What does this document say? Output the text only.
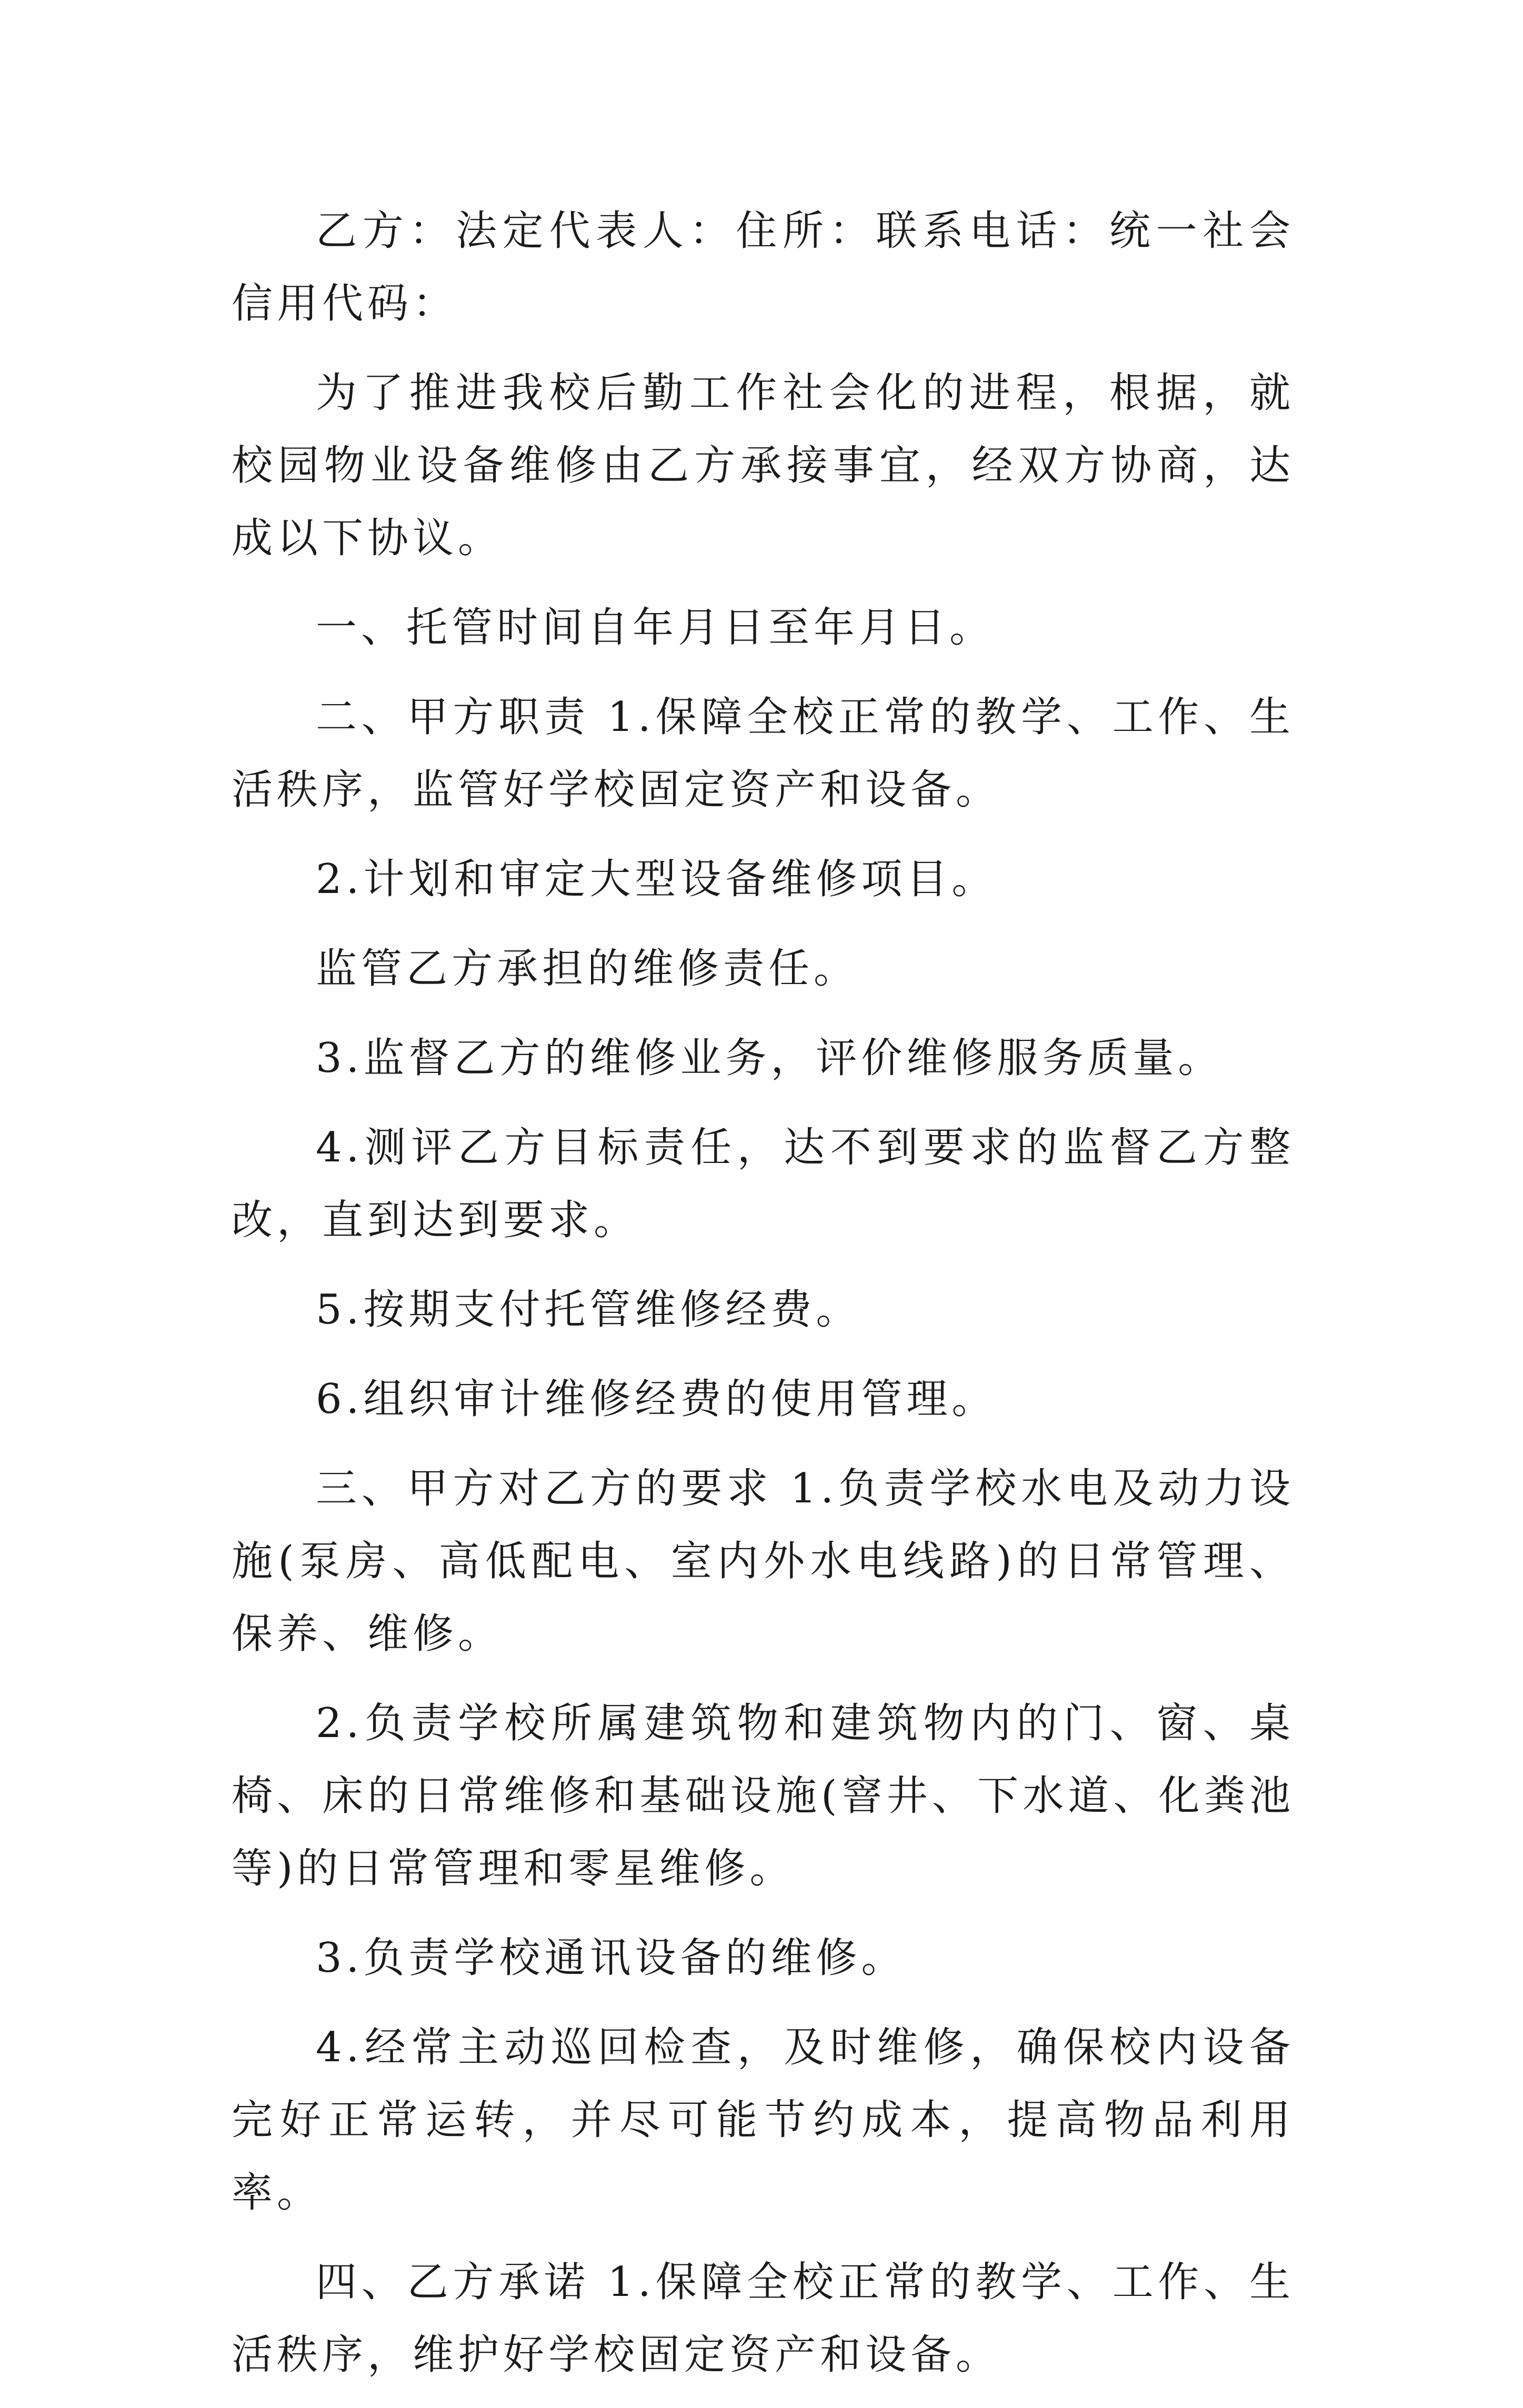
乙方：法定代表人：住所：联系电话：统一社会信用代码：

为了推进我校后勤工作社会化的进程，根据，就校园物业设备维修由乙方承接事宜，经双方协商，达成以下协议。

一、托管时间自年月日至年月日。

二、甲方职责 1.保障全校正常的教学、工作、生活秩序，监管好学校固定资产和设备。

2.计划和审定大型设备维修项目。

监管乙方承担的维修责任。

3.监督乙方的维修业务，评价维修服务质量。

4.测评乙方目标责任，达不到要求的监督乙方整改，直到达到要求。

5.按期支付托管维修经费。

6.组织审计维修经费的使用管理。

三、甲方对乙方的要求 1.负责学校水电及动力设施(泵房、高低配电、室内外水电线路)的日常管理、保养、维修。

2.负责学校所属建筑物和建筑物内的门、窗、桌椅、床的日常维修和基础设施(窨井、下水道、化粪池等)的日常管理和零星维修。

3.负责学校通讯设备的维修。

4.经常主动巡回检查，及时维修，确保校内设备完好正常运转，并尽可能节约成本，提高物品利用率。

四、乙方承诺 1.保障全校正常的教学、工作、生活秩序，维护好学校固定资产和设备。
